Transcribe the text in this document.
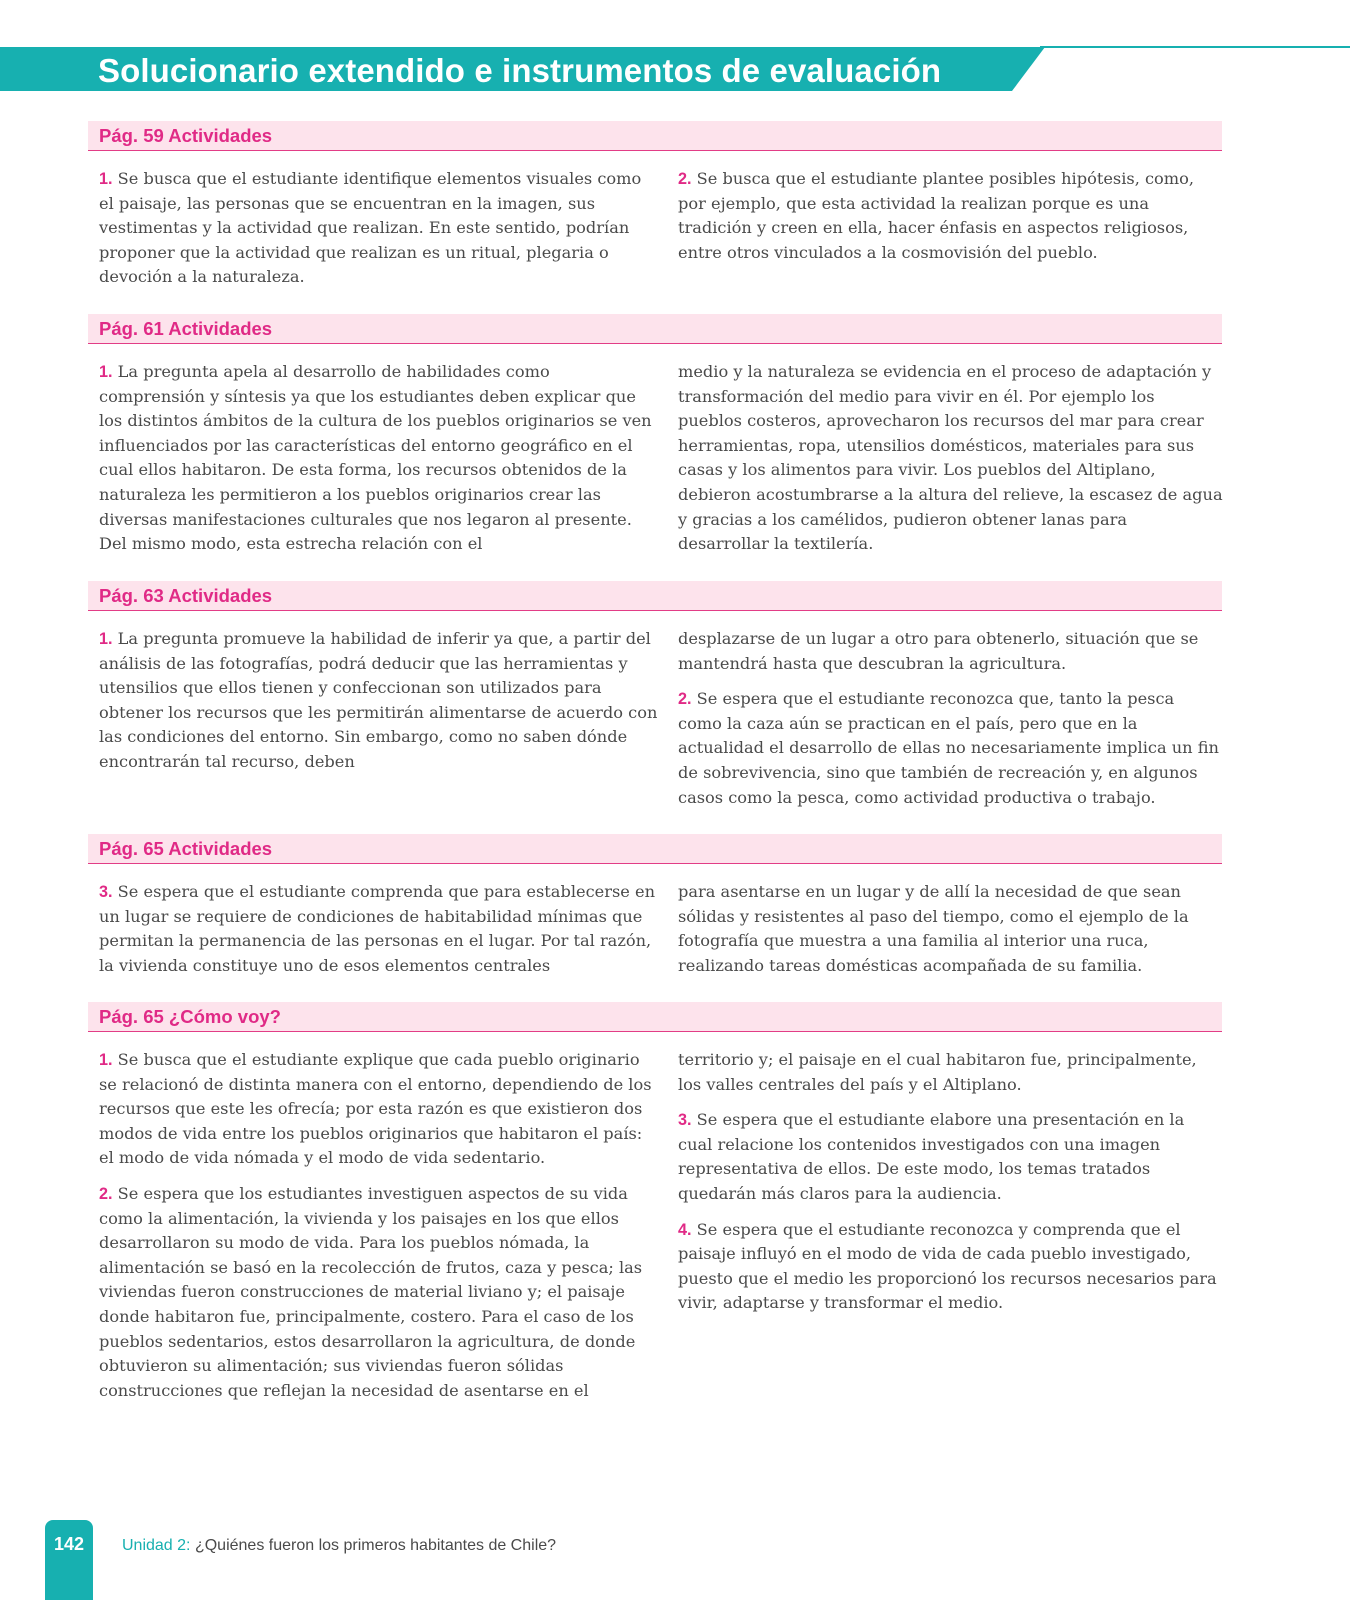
Solucionario extendido e instrumentos de evaluación
Pág. 59 Actividades

1. Se busca que el estudiante identifique elementos visuales como el paisaje, las personas que se encuentran en la imagen, sus vestimentas y la actividad que realizan. En este sentido, podrían proponer que la actividad que realizan es un ritual, plegaria o devoción a la naturaleza.

2. Se busca que el estudiante plantee posibles hipótesis, como, por ejemplo, que esta actividad la realizan porque es una tradición y creen en ella, hacer énfasis en aspectos religiosos, entre otros vinculados a la cosmovisión del pueblo.

Pág. 61 Actividades

1. La pregunta apela al desarrollo de habilidades como comprensión y síntesis ya que los estudiantes deben explicar que los distintos ámbitos de la cultura de los pueblos originarios se ven influenciados por las características del entorno geográfico en el cual ellos habitaron. De esta forma, los recursos obtenidos de la naturaleza les permitieron a los pueblos originarios crear las diversas manifestaciones culturales que nos legaron al presente. Del mismo modo, esta estrecha relación con el

medio y la naturaleza se evidencia en el proceso de adaptación y transformación del medio para vivir en él. Por ejemplo los pueblos costeros, aprovecharon los recursos del mar para crear herramientas, ropa, utensilios domésticos, materiales para sus casas y los alimentos para vivir. Los pueblos del Altiplano, debieron acostumbrarse a la altura del relieve, la escasez de agua y gracias a los camélidos, pudieron obtener lanas para desarrollar la textilería.

Pág. 63 Actividades

1. La pregunta promueve la habilidad de inferir ya que, a partir del análisis de las fotografías, podrá deducir que las herramientas y utensilios que ellos tienen y confeccionan son utilizados para obtener los recursos que les permitirán alimentarse de acuerdo con las condiciones del entorno. Sin embargo, como no saben dónde encontrarán tal recurso, deben

desplazarse de un lugar a otro para obtenerlo, situación que se mantendrá hasta que descubran la agricultura.

2. Se espera que el estudiante reconozca que, tanto la pesca como la caza aún se practican en el país, pero que en la actualidad el desarrollo de ellas no necesariamente implica un fin de sobrevivencia, sino que también de recreación y, en algunos casos como la pesca, como actividad productiva o trabajo.

Pág. 65 Actividades

3. Se espera que el estudiante comprenda que para establecerse en un lugar se requiere de condiciones de habitabilidad mínimas que permitan la permanencia de las personas en el lugar. Por tal razón, la vivienda constituye uno de esos elementos centrales

para asentarse en un lugar y de allí la necesidad de que sean sólidas y resistentes al paso del tiempo, como el ejemplo de la fotografía que muestra a una familia al interior una ruca, realizando tareas domésticas acompañada de su familia.

Pág. 65 ¿Cómo voy?

1. Se busca que el estudiante explique que cada pueblo originario se relacionó de distinta manera con el entorno, dependiendo de los recursos que este les ofrecía; por esta razón es que existieron dos modos de vida entre los pueblos originarios que habitaron el país: el modo de vida nómada y el modo de vida sedentario.

2. Se espera que los estudiantes investiguen aspectos de su vida como la alimentación, la vivienda y los paisajes en los que ellos desarrollaron su modo de vida. Para los pueblos nómada, la alimentación se basó en la recolección de frutos, caza y pesca; las viviendas fueron construcciones de material liviano y; el paisaje donde habitaron fue, principalmente, costero. Para el caso de los pueblos sedentarios, estos desarrollaron la agricultura, de donde obtuvieron su alimentación; sus viviendas fueron sólidas construcciones que reflejan la necesidad de asentarse en el

territorio y; el paisaje en el cual habitaron fue, principalmente, los valles centrales del país y el Altiplano.

3. Se espera que el estudiante elabore una presentación en la cual relacione los contenidos investigados con una imagen representativa de ellos. De este modo, los temas tratados quedarán más claros para la audiencia.

4. Se espera que el estudiante reconozca y comprenda que el paisaje influyó en el modo de vida de cada pueblo investigado, puesto que el medio les proporcionó los recursos necesarios para vivir, adaptarse y transformar el medio.

142	Unidad 2: ¿Quiénes fueron los primeros habitantes de Chile?
